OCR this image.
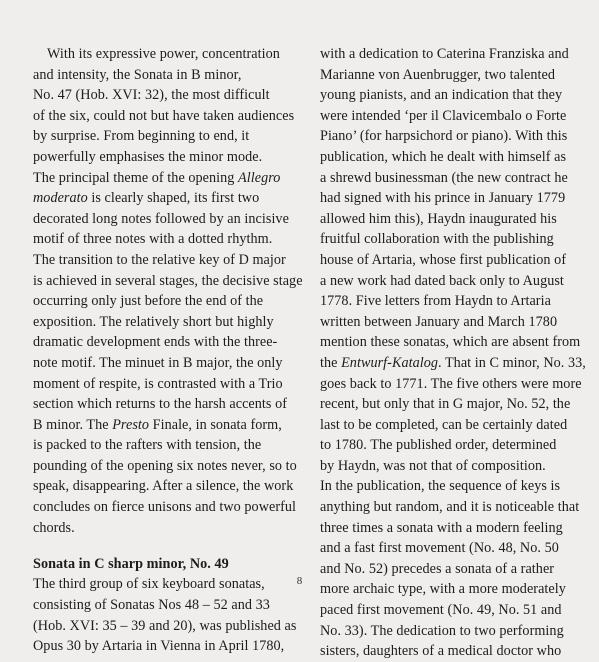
With its expressive power, concentration
and intensity, the Sonata in B minor,
No. 47 (Hob. XVI: 32), the most difficult
of the six, could not but have taken audiences
by surprise. From beginning to end, it
powerfully emphasises the minor mode.
The principal theme of the opening Allegro
moderato is clearly shaped, its first two
decorated long notes followed by an incisive
motif of three notes with a dotted rhythm.
The transition to the relative key of D major
is achieved in several stages, the decisive stage
occurring only just before the end of the
exposition. The relatively short but highly
dramatic development ends with the three-
note motif. The minuet in B major, the only
moment of respite, is contrasted with a Trio
section which returns to the harsh accents of
B minor. The Presto Finale, in sonata form,
is packed to the rafters with tension, the
pounding of the opening six notes never, so to
speak, disappearing. After a silence, the work
concludes on fierce unisons and two powerful
chords.
Sonata in C sharp minor, No. 49
The third group of six keyboard sonatas,
consisting of Sonatas Nos 48 – 52 and 33
(Hob. XVI: 35 – 39 and 20), was published as
Opus 30 by Artaria in Vienna in April 1780,
with a dedication to Caterina Franziska and
Marianne von Auenbrugger, two talented
young pianists, and an indication that they
were intended ‘per il Clavicembalo o Forte
Piano’ (for harpsichord or piano). With this
publication, which he dealt with himself as
a shrewd businessman (the new contract he
had signed with his prince in January 1779
allowed him this), Haydn inaugurated his
fruitful collaboration with the publishing
house of Artaria, whose first publication of
a new work had dated back only to August
1778. Five letters from Haydn to Artaria
written between January and March 1780
mention these sonatas, which are absent from
the Entwurf-Katalog. That in C minor, No. 33,
goes back to 1771. The five others were more
recent, but only that in G major, No. 52, the
last to be completed, can be certainly dated
to 1780. The published order, determined
by Haydn, was not that of composition.
In the publication, the sequence of keys is
anything but random, and it is noticeable that
three times a sonata with a modern feeling
and a fast first movement (No. 48, No. 50
and No. 52) precedes a sonata of a rather
more archaic type, with a more moderately
paced first movement (No. 49, No. 51 and
No. 33). The dedication to two performing
sisters, daughters of a medical doctor who
8
